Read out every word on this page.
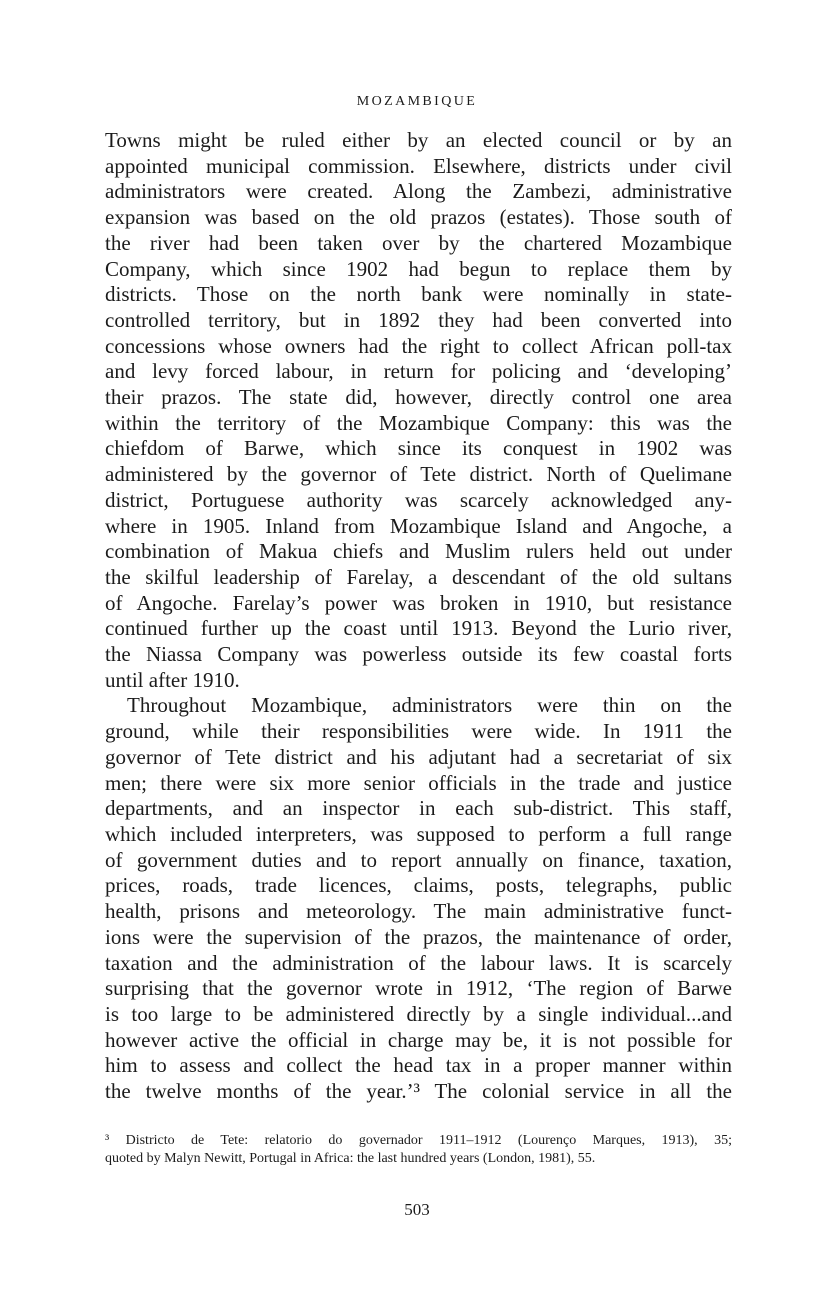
MOZAMBIQUE
Towns might be ruled either by an elected council or by an
appointed municipal commission. Elsewhere, districts under civil
administrators were created. Along the Zambezi, administrative
expansion was based on the old prazos (estates). Those south of
the river had been taken over by the chartered Mozambique
Company, which since 1902 had begun to replace them by
districts. Those on the north bank were nominally in state-
controlled territory, but in 1892 they had been converted into
concessions whose owners had the right to collect African poll-tax
and levy forced labour, in return for policing and ‘developing’
their prazos. The state did, however, directly control one area
within the territory of the Mozambique Company: this was the
chiefdom of Barwe, which since its conquest in 1902 was
administered by the governor of Tete district. North of Quelimane
district, Portuguese authority was scarcely acknowledged any-
where in 1905. Inland from Mozambique Island and Angoche, a
combination of Makua chiefs and Muslim rulers held out under
the skilful leadership of Farelay, a descendant of the old sultans
of Angoche. Farelay’s power was broken in 1910, but resistance
continued further up the coast until 1913. Beyond the Lurio river,
the Niassa Company was powerless outside its few coastal forts
until after 1910.
Throughout Mozambique, administrators were thin on the
ground, while their responsibilities were wide. In 1911 the
governor of Tete district and his adjutant had a secretariat of six
men; there were six more senior officials in the trade and justice
departments, and an inspector in each sub-district. This staff,
which included interpreters, was supposed to perform a full range
of government duties and to report annually on finance, taxation,
prices, roads, trade licences, claims, posts, telegraphs, public
health, prisons and meteorology. The main administrative funct-
ions were the supervision of the prazos, the maintenance of order,
taxation and the administration of the labour laws. It is scarcely
surprising that the governor wrote in 1912, ‘The region of Barwe
is too large to be administered directly by a single individual...and
however active the official in charge may be, it is not possible for
him to assess and collect the head tax in a proper manner within
the twelve months of the year.’³ The colonial service in all the
³ Districto de Tete: relatorio do governador 1911–1912 (Lourenço Marques, 1913), 35;
quoted by Malyn Newitt, Portugal in Africa: the last hundred years (London, 1981), 55.
503
